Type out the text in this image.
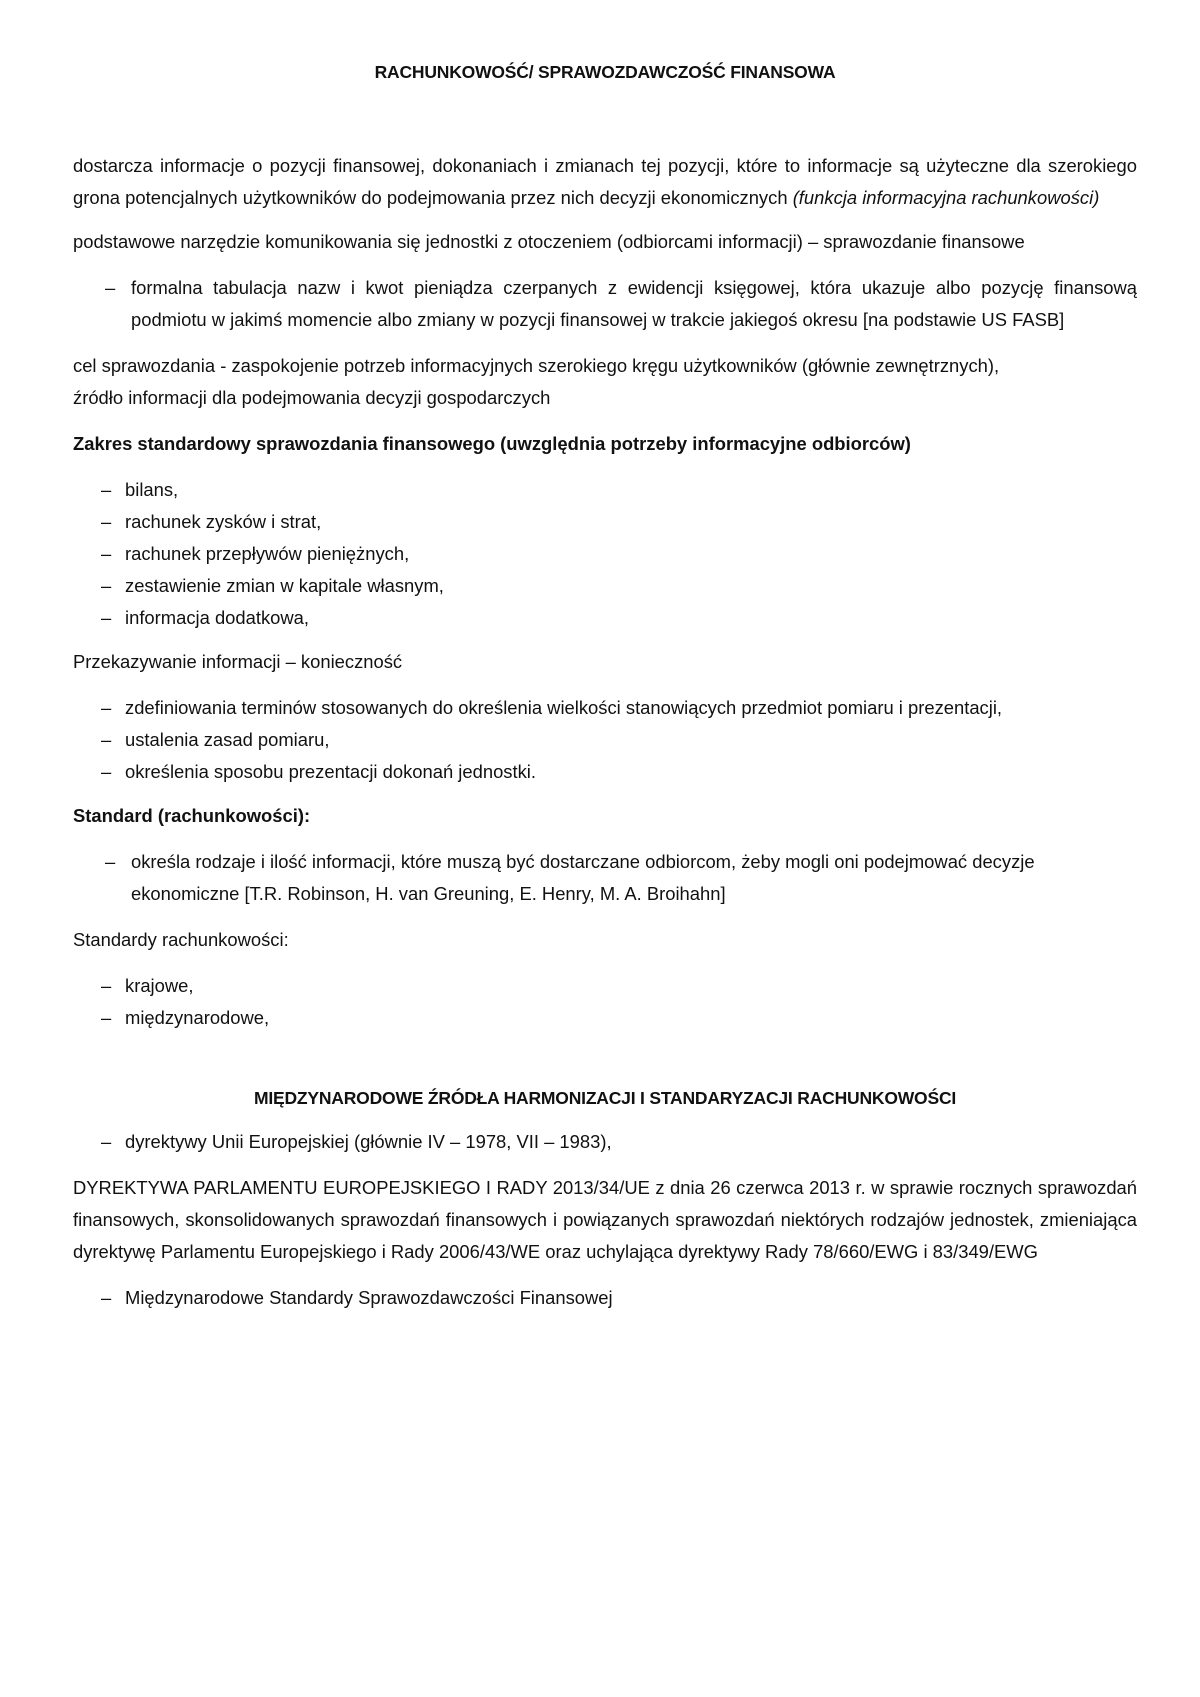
RACHUNKOWOŚĆ/ SPRAWOZDAWCZOŚĆ FINANSOWA

dostarcza informacje o pozycji finansowej, dokonaniach i zmianach tej pozycji, które to informacje są użyteczne dla szerokiego grona potencjalnych użytkowników do podejmowania przez nich decyzji ekonomicznych (funkcja informacyjna rachunkowości)

podstawowe narzędzie komunikowania się jednostki z otoczeniem (odbiorcami informacji) – sprawozdanie finansowe

– formalna tabulacja nazw i kwot pieniądza czerpanych z ewidencji księgowej, która ukazuje albo pozycję finansową podmiotu w jakimś momencie albo zmiany w pozycji finansowej w trakcie jakiegoś okresu [na podstawie US FASB]

cel sprawozdania - zaspokojenie potrzeb informacyjnych szerokiego kręgu użytkowników (głównie zewnętrznych),
źródło informacji dla podejmowania decyzji gospodarczych

Zakres standardowy sprawozdania finansowego (uwzględnia potrzeby informacyjne odbiorców)

– bilans,
– rachunek zysków i strat,
– rachunek przepływów pieniężnych,
– zestawienie zmian w kapitale własnym,
– informacja dodatkowa,

Przekazywanie informacji – konieczność

– zdefiniowania terminów stosowanych do określenia wielkości stanowiących przedmiot pomiaru i prezentacji,
– ustalenia zasad pomiaru,
– określenia sposobu prezentacji dokonań jednostki.

Standard (rachunkowości):

– określa rodzaje i ilość informacji, które muszą być dostarczane odbiorcom, żeby mogli oni podejmować decyzje ekonomiczne [T.R. Robinson, H. van Greuning, E. Henry, M. A. Broihahn]

Standardy rachunkowości:

– krajowe,
– międzynarodowe,

MIĘDZYNARODOWE ŹRÓDŁA HARMONIZACJI I STANDARYZACJI RACHUNKOWOŚCI

– dyrektywy Unii Europejskiej (głównie IV – 1978, VII – 1983),

DYREKTYWA PARLAMENTU EUROPEJSKIEGO I RADY 2013/34/UE z dnia 26 czerwca 2013 r. w sprawie rocznych sprawozdań finansowych, skonsolidowanych sprawozdań finansowych i powiązanych sprawozdań niektórych rodzajów jednostek, zmieniająca dyrektywę Parlamentu Europejskiego i Rady 2006/43/WE oraz uchylająca dyrektywy Rady 78/660/EWG i 83/349/EWG

– Międzynarodowe Standardy Sprawozdawczości Finansowej
